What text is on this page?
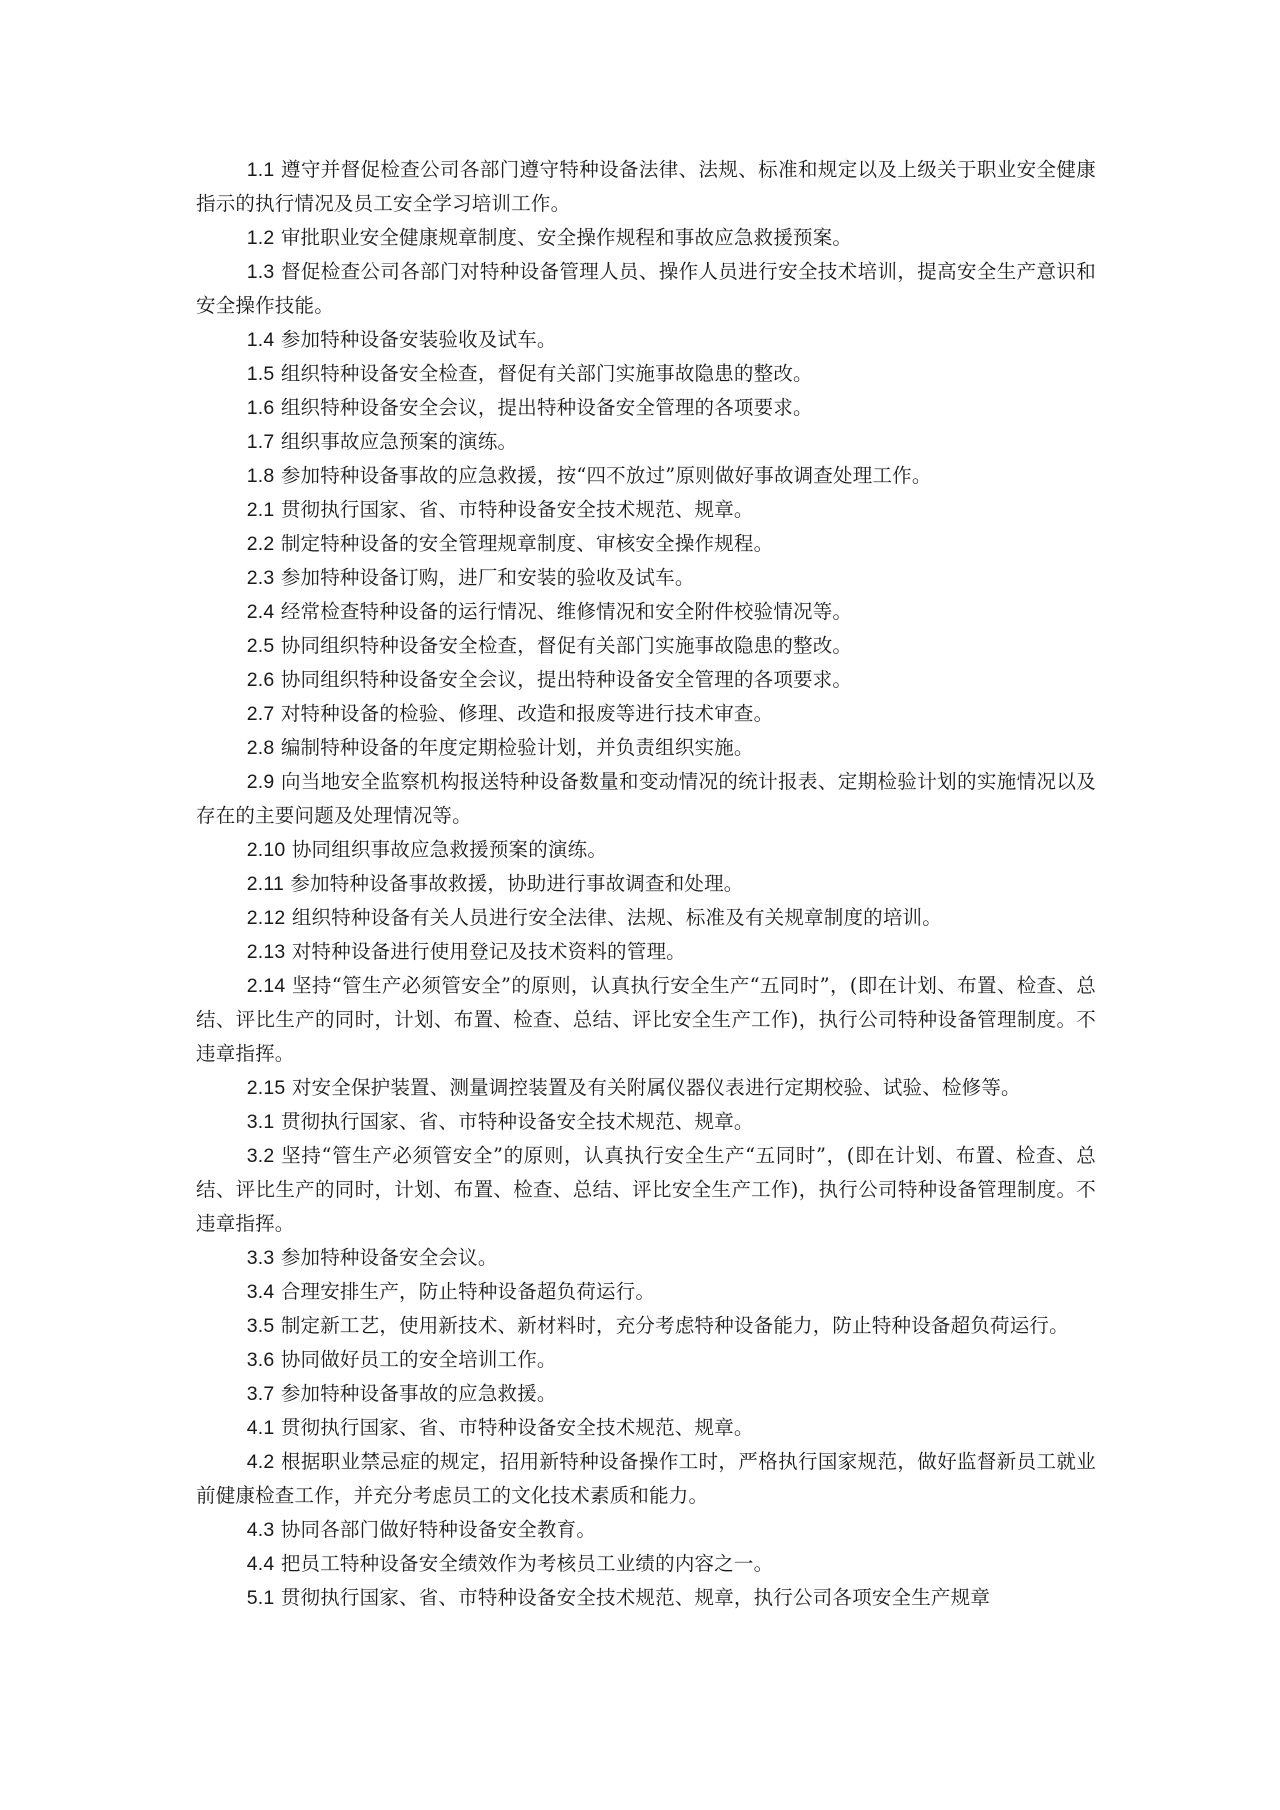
1.1 遵守并督促检查公司各部门遵守特种设备法律、法规、标准和规定以及上级关于职业安全健康指示的执行情况及员工安全学习培训工作。

1.2 审批职业安全健康规章制度、安全操作规程和事故应急救援预案。

1.3 督促检查公司各部门对特种设备管理人员、操作人员进行安全技术培训，提高安全生产意识和安全操作技能。

1.4 参加特种设备安装验收及试车。

1.5 组织特种设备安全检查，督促有关部门实施事故隐患的整改。

1.6 组织特种设备安全会议，提出特种设备安全管理的各项要求。

1.7 组织事故应急预案的演练。

1.8 参加特种设备事故的应急救援，按“四不放过”原则做好事故调查处理工作。

2.1 贯彻执行国家、省、市特种设备安全技术规范、规章。

2.2 制定特种设备的安全管理规章制度、审核安全操作规程。

2.3 参加特种设备订购，进厂和安装的验收及试车。

2.4 经常检查特种设备的运行情况、维修情况和安全附件校验情况等。

2.5 协同组织特种设备安全检查，督促有关部门实施事故隐患的整改。

2.6 协同组织特种设备安全会议，提出特种设备安全管理的各项要求。

2.7 对特种设备的检验、修理、改造和报废等进行技术审查。

2.8 编制特种设备的年度定期检验计划，并负责组织实施。

2.9 向当地安全监察机构报送特种设备数量和变动情况的统计报表、定期检验计划的实施情况以及存在的主要问题及处理情况等。

2.10 协同组织事故应急救援预案的演练。

2.11 参加特种设备事故救援，协助进行事故调查和处理。

2.12 组织特种设备有关人员进行安全法律、法规、标准及有关规章制度的培训。

2.13 对特种设备进行使用登记及技术资料的管理。

2.14 坚持“管生产必须管安全”的原则，认真执行安全生产“五同时”，(即在计划、布置、检查、总结、评比生产的同时，计划、布置、检查、总结、评比安全生产工作)，执行公司特种设备管理制度。不违章指挥。

2.15 对安全保护装置、测量调控装置及有关附属仪器仪表进行定期校验、试验、检修等。

3.1 贯彻执行国家、省、市特种设备安全技术规范、规章。

3.2 坚持“管生产必须管安全”的原则，认真执行安全生产“五同时”，(即在计划、布置、检查、总结、评比生产的同时，计划、布置、检查、总结、评比安全生产工作)，执行公司特种设备管理制度。不违章指挥。

3.3 参加特种设备安全会议。

3.4 合理安排生产，防止特种设备超负荷运行。

3.5 制定新工艺，使用新技术、新材料时，充分考虑特种设备能力，防止特种设备超负荷运行。

3.6 协同做好员工的安全培训工作。

3.7 参加特种设备事故的应急救援。

4.1 贯彻执行国家、省、市特种设备安全技术规范、规章。

4.2 根据职业禁忌症的规定，招用新特种设备操作工时，严格执行国家规范，做好监督新员工就业前健康检查工作，并充分考虑员工的文化技术素质和能力。

4.3 协同各部门做好特种设备安全教育。

4.4 把员工特种设备安全绩效作为考核员工业绩的内容之一。

5.1 贯彻执行国家、省、市特种设备安全技术规范、规章，执行公司各项安全生产规章
